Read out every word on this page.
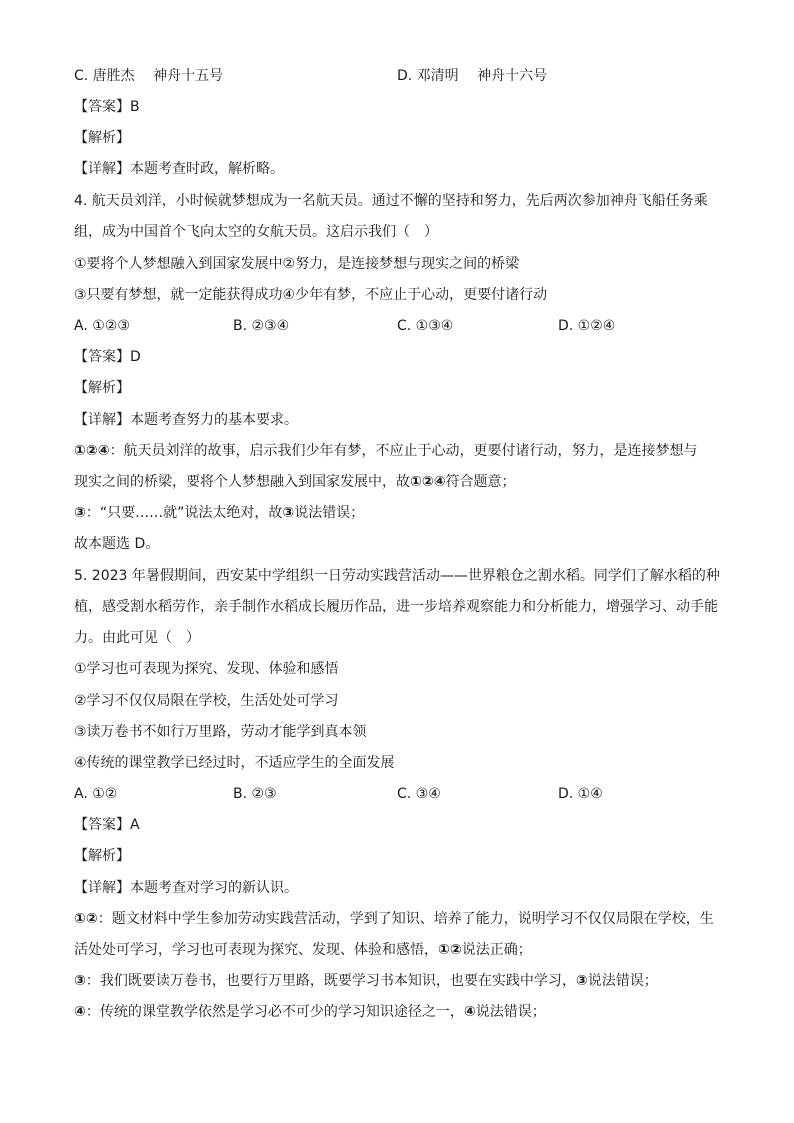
C. 唐胜杰　 神舟十五号	D. 邓清明　 神舟十六号
【答案】B
【解析】
【详解】本题考查时政，解析略。
4. 航天员刘洋，小时候就梦想成为一名航天员。通过不懈的坚持和努力，先后两次参加神舟飞船任务乘
组，成为中国首个飞向太空的女航天员。这启示我们（　）
①要将个人梦想融入到国家发展中②努力，是连接梦想与现实之间的桥梁
③只要有梦想，就一定能获得成功④少年有梦，不应止于心动，更要付诸行动
A. ①②③	B. ②③④	C. ①③④	D. ①②④
【答案】D
【解析】
【详解】本题考查努力的基本要求。
①②④：航天员刘洋的故事，启示我们少年有梦，不应止于心动，更要付诸行动，努力，是连接梦想与
现实之间的桥梁，要将个人梦想融入到国家发展中，故①②④符合题意；
③：“只要……就”说法太绝对，故③说法错误；
故本题选 D。
5. 2023 年暑假期间，西安某中学组织一日劳动实践营活动——世界粮仓之割水稻。同学们了解水稻的种
植，感受割水稻劳作，亲手制作水稻成长履历作品，进一步培养观察能力和分析能力，增强学习、动手能
力。由此可见（　）
①学习也可表现为探究、发现、体验和感悟
②学习不仅仅局限在学校，生活处处可学习
③读万卷书不如行万里路，劳动才能学到真本领
④传统的课堂教学已经过时，不适应学生的全面发展
A. ①②	B. ②③	C. ③④	D. ①④
【答案】A
【解析】
【详解】本题考查对学习的新认识。
①②：题文材料中学生参加劳动实践营活动，学到了知识、培养了能力，说明学习不仅仅局限在学校，生
活处处可学习，学习也可表现为探究、发现、体验和感悟，①②说法正确；
③：我们既要读万卷书，也要行万里路，既要学习书本知识，也要在实践中学习，③说法错误；
④：传统的课堂教学依然是学习必不可少的学习知识途径之一，④说法错误；
